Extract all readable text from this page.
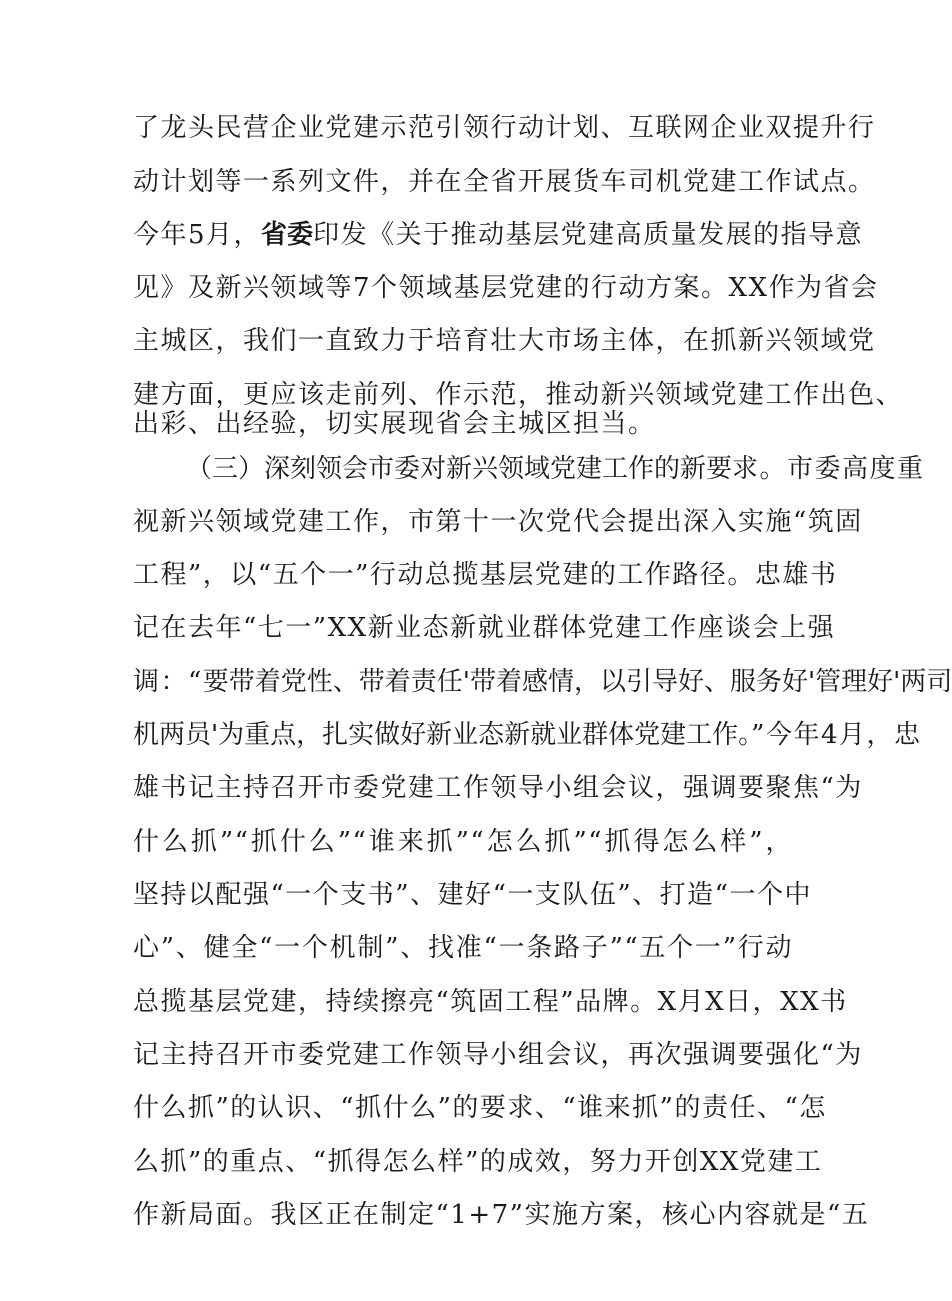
了龙头民营企业党建示范引领行动计划、互联网企业双提升行
动计划等一系列文件，并在全省开展货车司机党建工作试点。
今年5月，省委印发《关于推动基层党建高质量发展的指导意
见》及新兴领域等7个领域基层党建的行动方案。XX作为省会
主城区，我们一直致力于培育壮大市场主体，在抓新兴领域党
建方面，更应该走前列、作示范，推动新兴领域党建工作出色、
出彩、出经验，切实展现省会主城区担当。
（三）深刻领会市委对新兴领域党建工作的新要求。市委高度重
视新兴领域党建工作，市第十一次党代会提出深入实施“筑固
工程”，以“五个一”行动总揽基层党建的工作路径。忠雄书
记在去年“七一”XX新业态新就业群体党建工作座谈会上强
调：“要带着党性、带着责任'带着感情，以引导好、服务好'管理好'两司
机两员'为重点，扎实做好新业态新就业群体党建工作。”今年4月，忠
雄书记主持召开市委党建工作领导小组会议，强调要聚焦“为
什么抓”“抓什么”“谁来抓”“怎么抓”“抓得怎么样”，
坚持以配强“一个支书”、建好“一支队伍”、打造“一个中
心”、健全“一个机制”、找准“一条路子”“五个一”行动
总揽基层党建，持续擦亮“筑固工程”品牌。X月X日，XX书
记主持召开市委党建工作领导小组会议，再次强调要强化“为
什么抓”的认识、“抓什么”的要求、“谁来抓”的责任、“怎
么抓”的重点、“抓得怎么样”的成效，努力开创XX党建工
作新局面。我区正在制定“1+7”实施方案，核心内容就是“五
